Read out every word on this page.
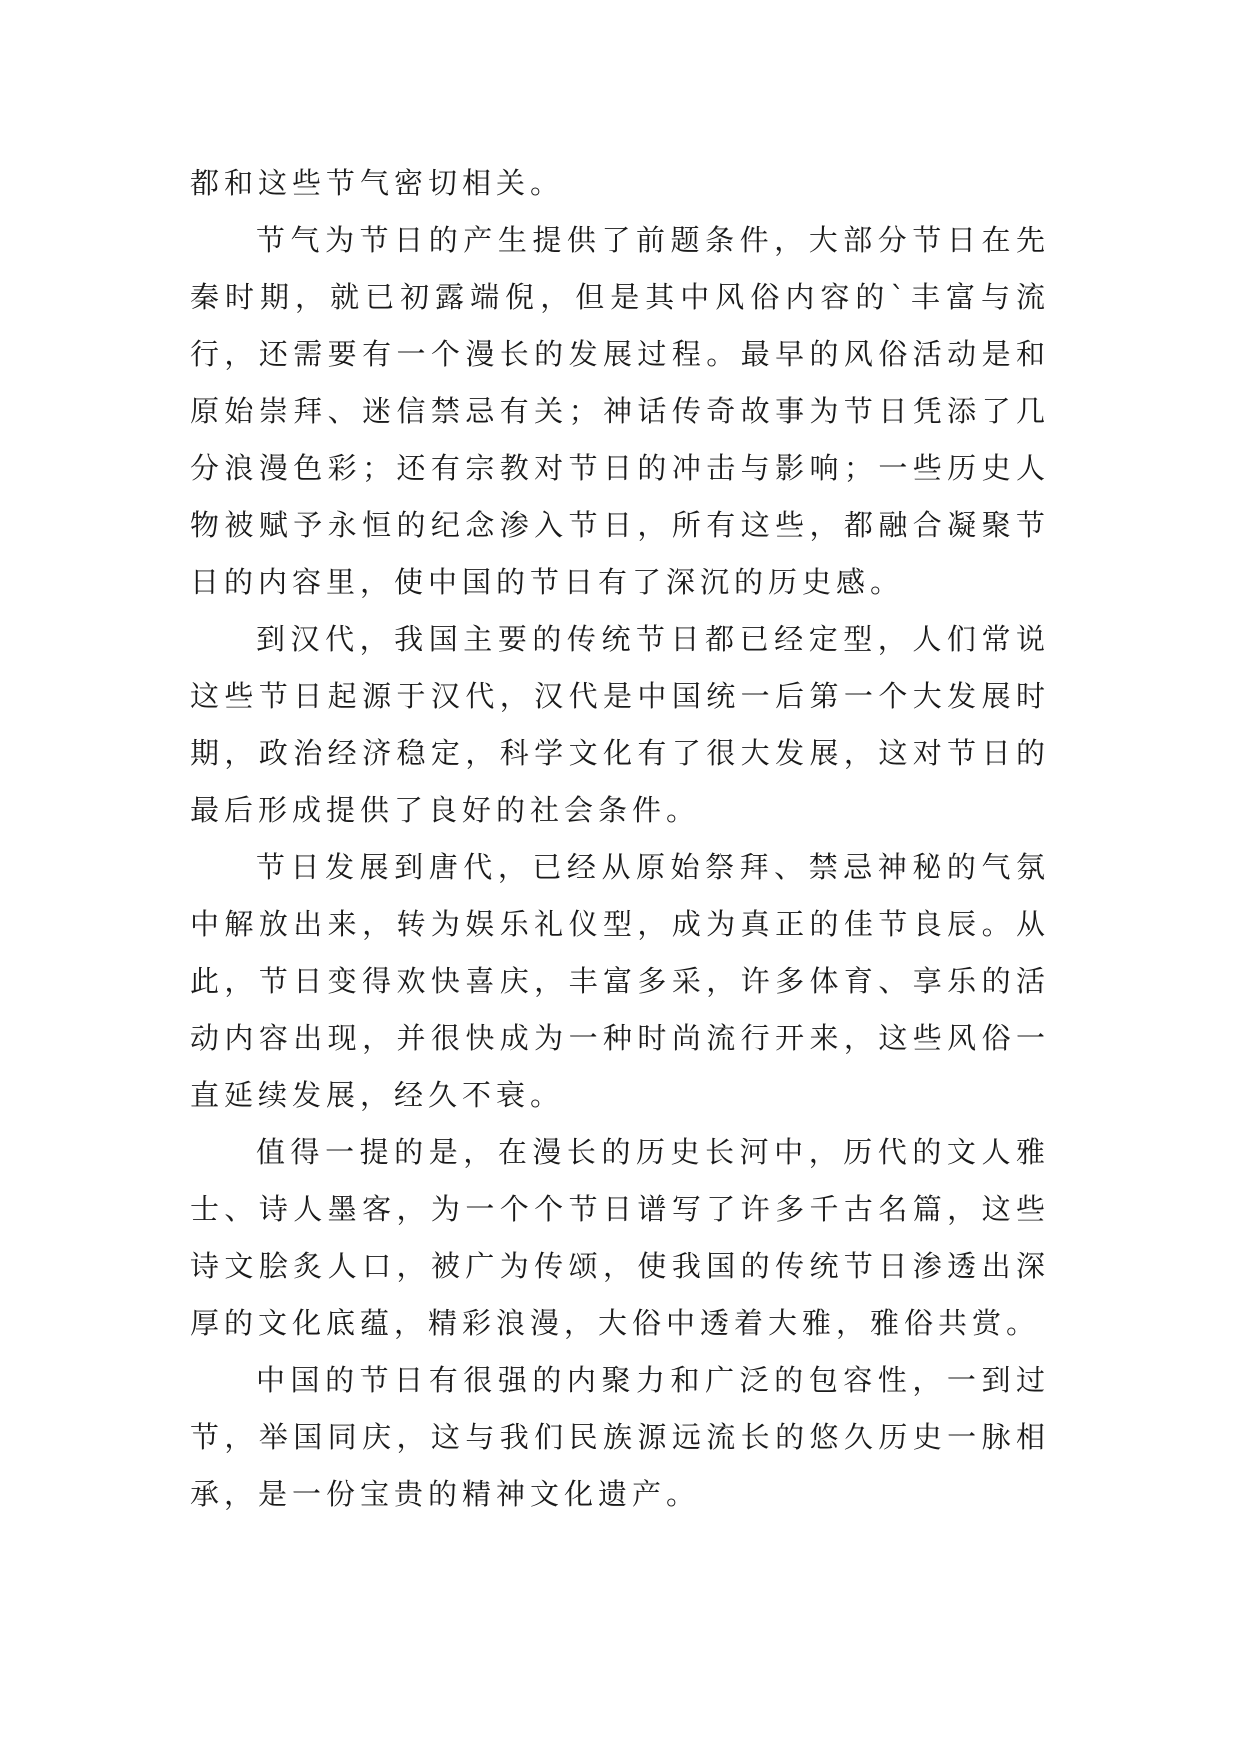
都和这些节气密切相关。

节气为节日的产生提供了前题条件，大部分节日在先秦时期，就已初露端倪，但是其中风俗内容的`丰富与流行，还需要有一个漫长的发展过程。最早的风俗活动是和原始崇拜、迷信禁忌有关；神话传奇故事为节日凭添了几分浪漫色彩；还有宗教对节日的冲击与影响；一些历史人物被赋予永恒的纪念渗入节日，所有这些，都融合凝聚节日的内容里，使中国的节日有了深沉的历史感。

到汉代，我国主要的传统节日都已经定型，人们常说这些节日起源于汉代，汉代是中国统一后第一个大发展时期，政治经济稳定，科学文化有了很大发展，这对节日的最后形成提供了良好的社会条件。

节日发展到唐代，已经从原始祭拜、禁忌神秘的气氛中解放出来，转为娱乐礼仪型，成为真正的佳节良辰。从此，节日变得欢快喜庆，丰富多采，许多体育、享乐的活动内容出现，并很快成为一种时尚流行开来，这些风俗一直延续发展，经久不衰。

值得一提的是，在漫长的历史长河中，历代的文人雅士、诗人墨客，为一个个节日谱写了许多千古名篇，这些诗文脍炙人口，被广为传颂，使我国的传统节日渗透出深厚的文化底蕴，精彩浪漫，大俗中透着大雅，雅俗共赏。

中国的节日有很强的内聚力和广泛的包容性，一到过节，举国同庆，这与我们民族源远流长的悠久历史一脉相承，是一份宝贵的精神文化遗产。
